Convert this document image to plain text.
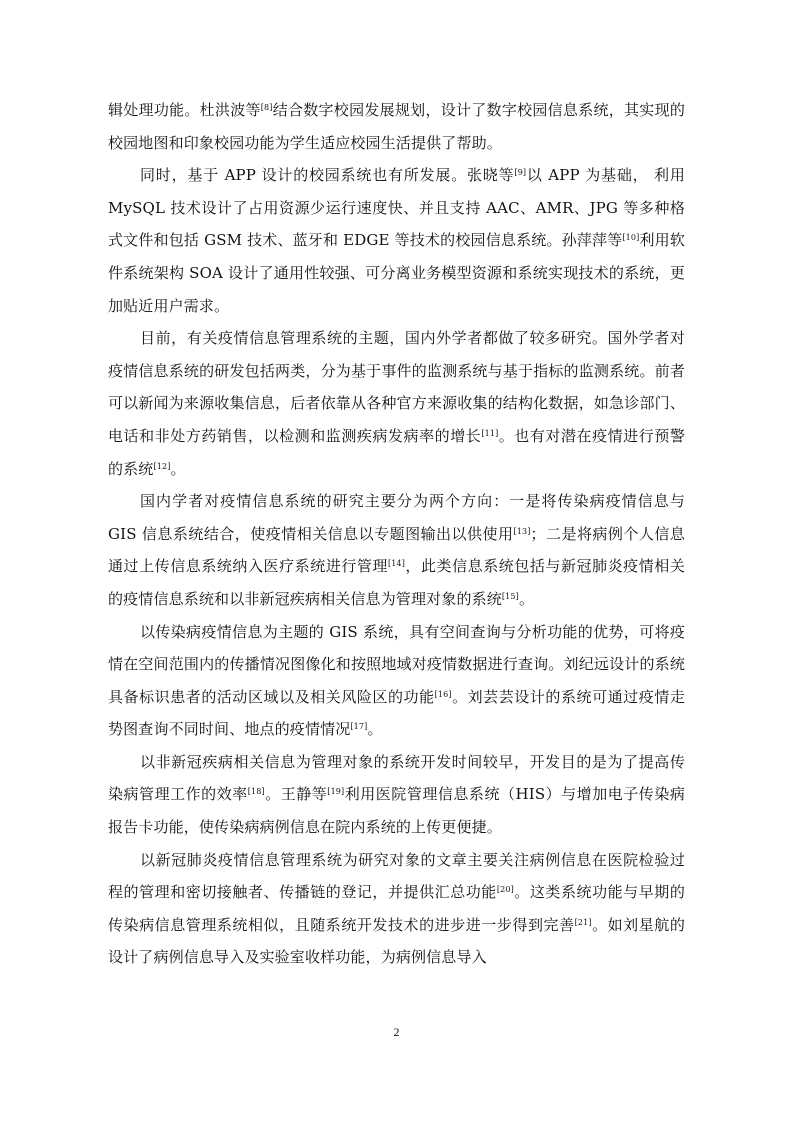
辑处理功能。杜洪波等[8]结合数字校园发展规划，设计了数字校园信息系统，其实现的校园地图和印象校园功能为学生适应校园生活提供了帮助。

同时，基于 APP 设计的校园系统也有所发展。张晓等[9]以 APP 为基础， 利用 MySQL 技术设计了占用资源少运行速度快、并且支持 AAC、AMR、JPG 等多种格式文件和包括 GSM 技术、蓝牙和 EDGE 等技术的校园信息系统。孙萍萍等[10]利用软件系统架构 SOA 设计了通用性较强、可分离业务模型资源和系统实现技术的系统，更加贴近用户需求。

目前，有关疫情信息管理系统的主题，国内外学者都做了较多研究。国外学者对疫情信息系统的研发包括两类，分为基于事件的监测系统与基于指标的监测系统。前者可以新闻为来源收集信息，后者依靠从各种官方来源收集的结构化数据，如急诊部门、电话和非处方药销售，以检测和监测疾病发病率的增长[11]。也有对潜在疫情进行预警的系统[12]。

国内学者对疫情信息系统的研究主要分为两个方向：一是将传染病疫情信息与 GIS 信息系统结合，使疫情相关信息以专题图输出以供使用[13]；二是将病例个人信息通过上传信息系统纳入医疗系统进行管理[14]，此类信息系统包括与新冠肺炎疫情相关的疫情信息系统和以非新冠疾病相关信息为管理对象的系统[15]。

以传染病疫情信息为主题的 GIS 系统，具有空间查询与分析功能的优势，可将疫情在空间范围内的传播情况图像化和按照地域对疫情数据进行查询。刘纪远设计的系统具备标识患者的活动区域以及相关风险区的功能[16]。刘芸芸设计的系统可通过疫情走势图查询不同时间、地点的疫情情况[17]。

以非新冠疾病相关信息为管理对象的系统开发时间较早，开发目的是为了提高传染病管理工作的效率[18]。王静等[19]利用医院管理信息系统（HIS）与增加电子传染病报告卡功能，使传染病病例信息在院内系统的上传更便捷。

以新冠肺炎疫情信息管理系统为研究对象的文章主要关注病例信息在医院检验过程的管理和密切接触者、传播链的登记，并提供汇总功能[20]。这类系统功能与早期的传染病信息管理系统相似，且随系统开发技术的进步进一步得到完善[21]。如刘星航的设计了病例信息导入及实验室收样功能，为病例信息导入

2
